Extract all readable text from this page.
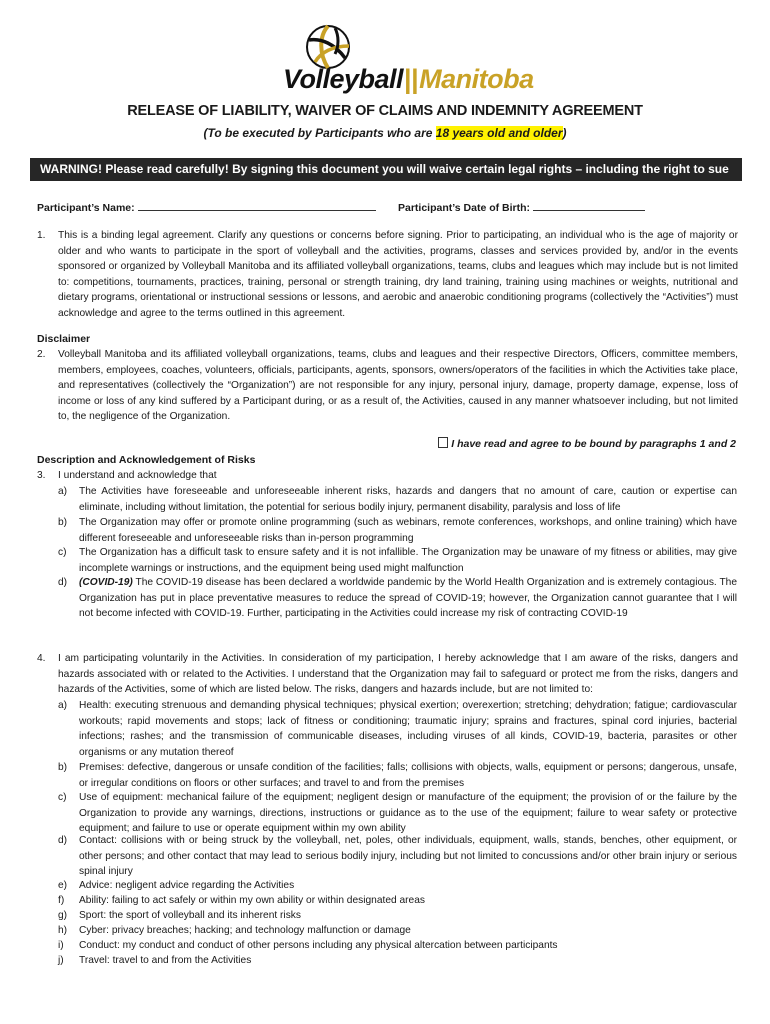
Volleyball||Manitoba
RELEASE OF LIABILITY, WAIVER OF CLAIMS AND INDEMNITY AGREEMENT
(To be executed by Participants who are 18 years old and older)
WARNING! Please read carefully! By signing this document you will waive certain legal rights – including the right to sue
Participant’s Name:	Participant’s Date of Birth:
1. This is a binding legal agreement. Clarify any questions or concerns before signing. Prior to participating, an individual who is the age of majority or older and who wants to participate in the sport of volleyball and the activities, programs, classes and services provided by, and/or in the events sponsored or organized by Volleyball Manitoba and its affiliated volleyball organizations, teams, clubs and leagues which may include but is not limited to: competitions, tournaments, practices, training, personal or strength training, dry land training, training using machines or weights, nutritional and dietary programs, orientational or instructional sessions or lessons, and aerobic and anaerobic conditioning programs (collectively the “Activities”) must acknowledge and agree to the terms outlined in this agreement.

Disclaimer
2. Volleyball Manitoba and its affiliated volleyball organizations, teams, clubs and leagues and their respective Directors, Officers, committee members, members, employees, coaches, volunteers, officials, participants, agents, sponsors, owners/operators of the facilities in which the Activities take place, and representatives (collectively the “Organization”) are not responsible for any injury, personal injury, damage, property damage, expense, loss of income or loss of any kind suffered by a Participant during, or as a result of, the Activities, caused in any manner whatsoever including, but not limited to, the negligence of the Organization.

I have read and agree to be bound by paragraphs 1 and 2
Description and Acknowledgement of Risks
3. I understand and acknowledge that
a)	The Activities have foreseeable and unforeseeable inherent risks, hazards and dangers that no amount of care, caution or expertise can eliminate, including without limitation, the potential for serious bodily injury, permanent disability, paralysis and loss of life

b)	The Organization may offer or promote online programming (such as webinars, remote conferences, workshops, and online training) which have different foreseeable and unforeseeable risks than in-person programming

c)	The Organization has a difficult task to ensure safety and it is not infallible. The Organization may be unaware of my fitness or abilities, may give incomplete warnings or instructions, and the equipment being used might malfunction

d)	(COVID-19) The COVID-19 disease has been declared a worldwide pandemic by the World Health Organization and is extremely contagious. The Organization has put in place preventative measures to reduce the spread of COVID-19; however, the Organization cannot guarantee that I will not become infected with COVID-19. Further, participating in the Activities could increase my risk of contracting COVID-19

4. I am participating voluntarily in the Activities. In consideration of my participation, I hereby acknowledge that I am aware of the risks, dangers and hazards associated with or related to the Activities. I understand that the Organization may fail to safeguard or protect me from the risks, dangers and hazards of the Activities, some of which are listed below. The risks, dangers and hazards include, but are not limited to:

a)	Health: executing strenuous and demanding physical techniques; physical exertion; overexertion; stretching; dehydration; fatigue; cardiovascular workouts; rapid movements and stops; lack of fitness or conditioning; traumatic injury; sprains and fractures, spinal cord injuries, bacterial infections; rashes; and the transmission of communicable diseases, including viruses of all kinds, COVID-19, bacteria, parasites or other organisms or any mutation thereof

b)	Premises: defective, dangerous or unsafe condition of the facilities; falls; collisions with objects, walls, equipment or persons; dangerous, unsafe, or irregular conditions on floors or other surfaces; and travel to and from the premises

c)	Use of equipment: mechanical failure of the equipment; negligent design or manufacture of the equipment; the provision of or the failure by the Organization to provide any warnings, directions, instructions or guidance as to the use of the equipment; failure to wear safety or protective equipment; and failure to use or operate equipment within my own ability

d)	Contact: collisions with or being struck by the volleyball, net, poles, other individuals, equipment, walls, stands, benches, other equipment, or other persons; and other contact that may lead to serious bodily injury, including but not limited to concussions and/or other brain injury or serious spinal injury

e)	Advice: negligent advice regarding the Activities

f)	Ability: failing to act safely or within my own ability or within designated areas

g)	Sport: the sport of volleyball and its inherent risks

h)	Cyber: privacy breaches; hacking; and technology malfunction or damage

i)	Conduct: my conduct and conduct of other persons including any physical altercation between participants

j)	Travel: travel to and from the Activities
